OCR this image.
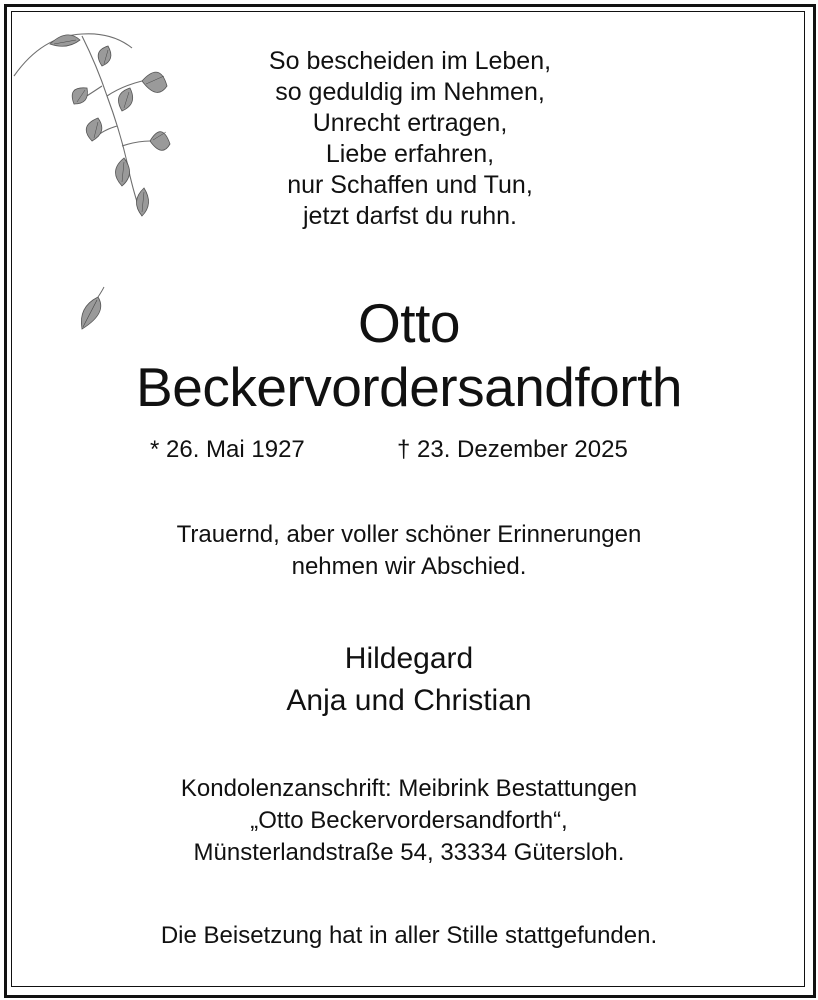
So bescheiden im Leben,
so geduldig im Nehmen,
Unrecht ertragen,
Liebe erfahren,
nur Schaffen und Tun,
jetzt darfst du ruhn.
Otto
Beckervordersandforth
* 26. Mai 1927	† 23. Dezember 2025
Trauernd, aber voller schöner Erinnerungen
nehmen wir Abschied.
Hildegard
Anja und Christian
Kondolenzanschrift: Meibrink Bestattungen
„Otto Beckervordersandforth“,
Münsterlandstraße 54, 33334 Gütersloh.
Die Beisetzung hat in aller Stille stattgefunden.
